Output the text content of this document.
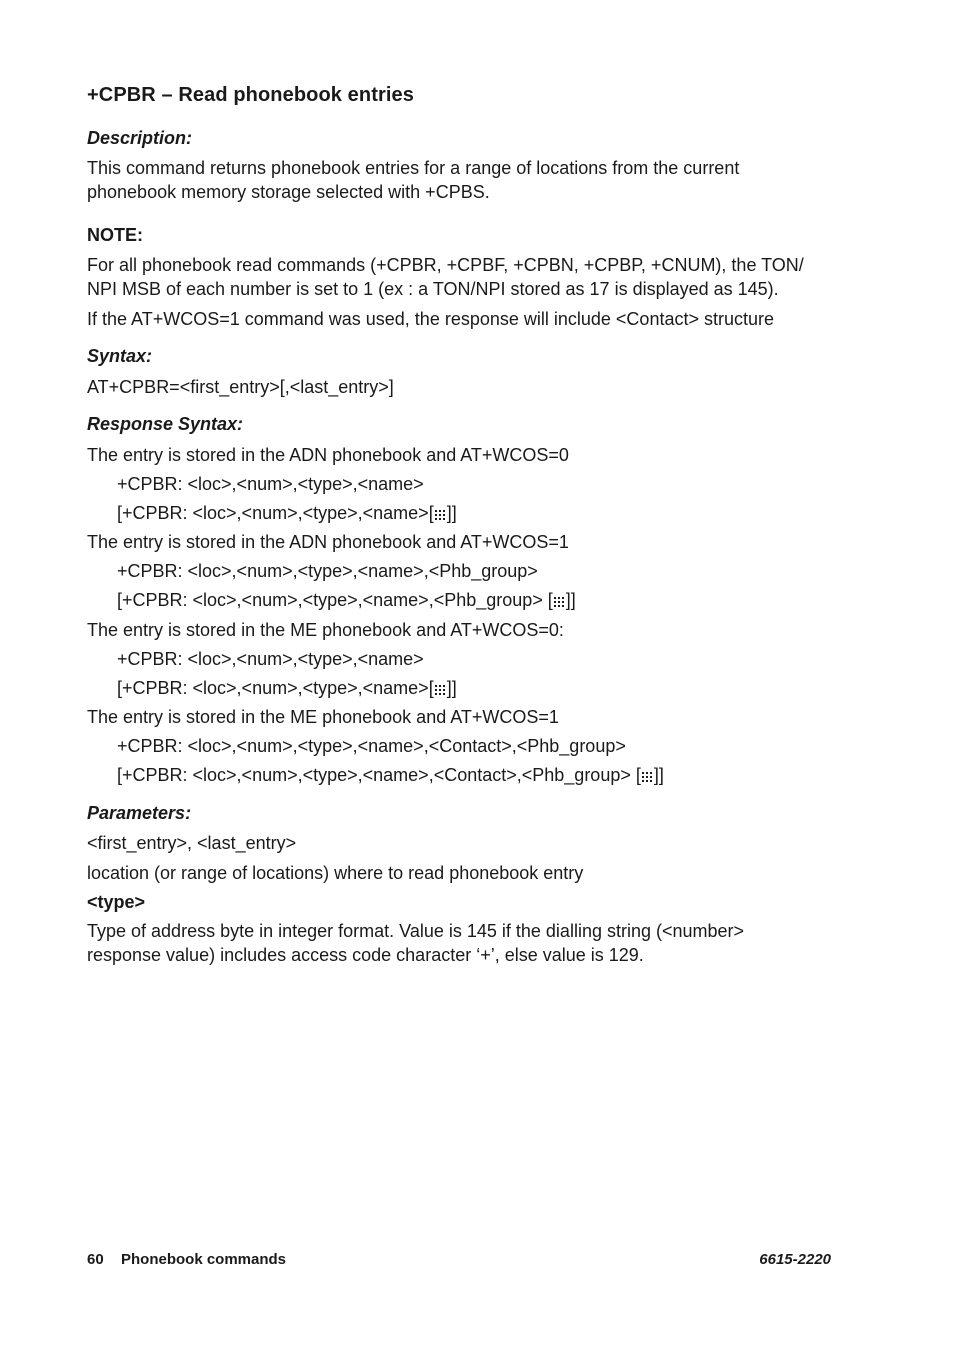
+CPBR – Read phonebook entries
Description:
This command returns phonebook entries for a range of locations from the current
phonebook memory storage selected with +CPBS.
NOTE:
For all phonebook read commands (+CPBR, +CPBF, +CPBN, +CPBP, +CNUM), the TON/
NPI MSB of each number is set to 1 (ex : a TON/NPI stored as 17 is displayed as 145).
If the AT+WCOS=1 command was used, the response will include <Contact> structure
Syntax:
AT+CPBR=<first_entry>[,<last_entry>]
Response Syntax:
The entry is stored in the ADN phonebook and AT+WCOS=0
+CPBR: <loc>,<num>,<type>,<name>
[+CPBR: <loc>,<num>,<type>,<name>[ ]]
The entry is stored in the ADN phonebook and AT+WCOS=1
+CPBR: <loc>,<num>,<type>,<name>,<Phb_group>
[+CPBR: <loc>,<num>,<type>,<name>,<Phb_group> [ ]]
The entry is stored in the ME phonebook and AT+WCOS=0:
+CPBR: <loc>,<num>,<type>,<name>
[+CPBR: <loc>,<num>,<type>,<name>[ ]]
The entry is stored in the ME phonebook and AT+WCOS=1
+CPBR: <loc>,<num>,<type>,<name>,<Contact>,<Phb_group>
[+CPBR: <loc>,<num>,<type>,<name>,<Contact>,<Phb_group> [ ]]
Parameters:
<first_entry>, <last_entry>
location (or range of locations) where to read phonebook entry
<type>
Type of address byte in integer format. Value is 145 if the dialling string (<number>
response value) includes access code character ‘+’, else value is 129.
60 Phonebook commands	6615-2220
